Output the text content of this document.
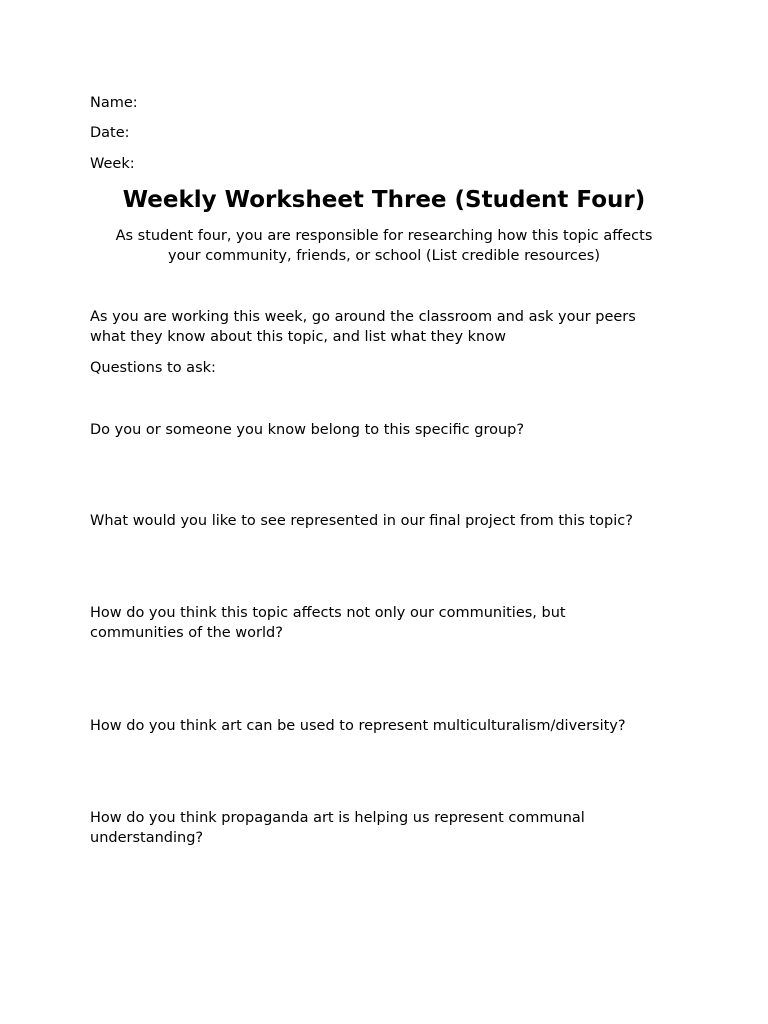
Name:
Date:
Week:
Weekly Worksheet Three (Student Four)
As student four, you are responsible for researching how this topic affects
your community, friends, or school (List credible resources)
As you are working this week, go around the classroom and ask your peers
what they know about this topic, and list what they know
Questions to ask:
Do you or someone you know belong to this specific group?
What would you like to see represented in our final project from this topic?
How do you think this topic affects not only our communities, but
communities of the world?
How do you think art can be used to represent multiculturalism/diversity?
How do you think propaganda art is helping us represent communal
understanding?
